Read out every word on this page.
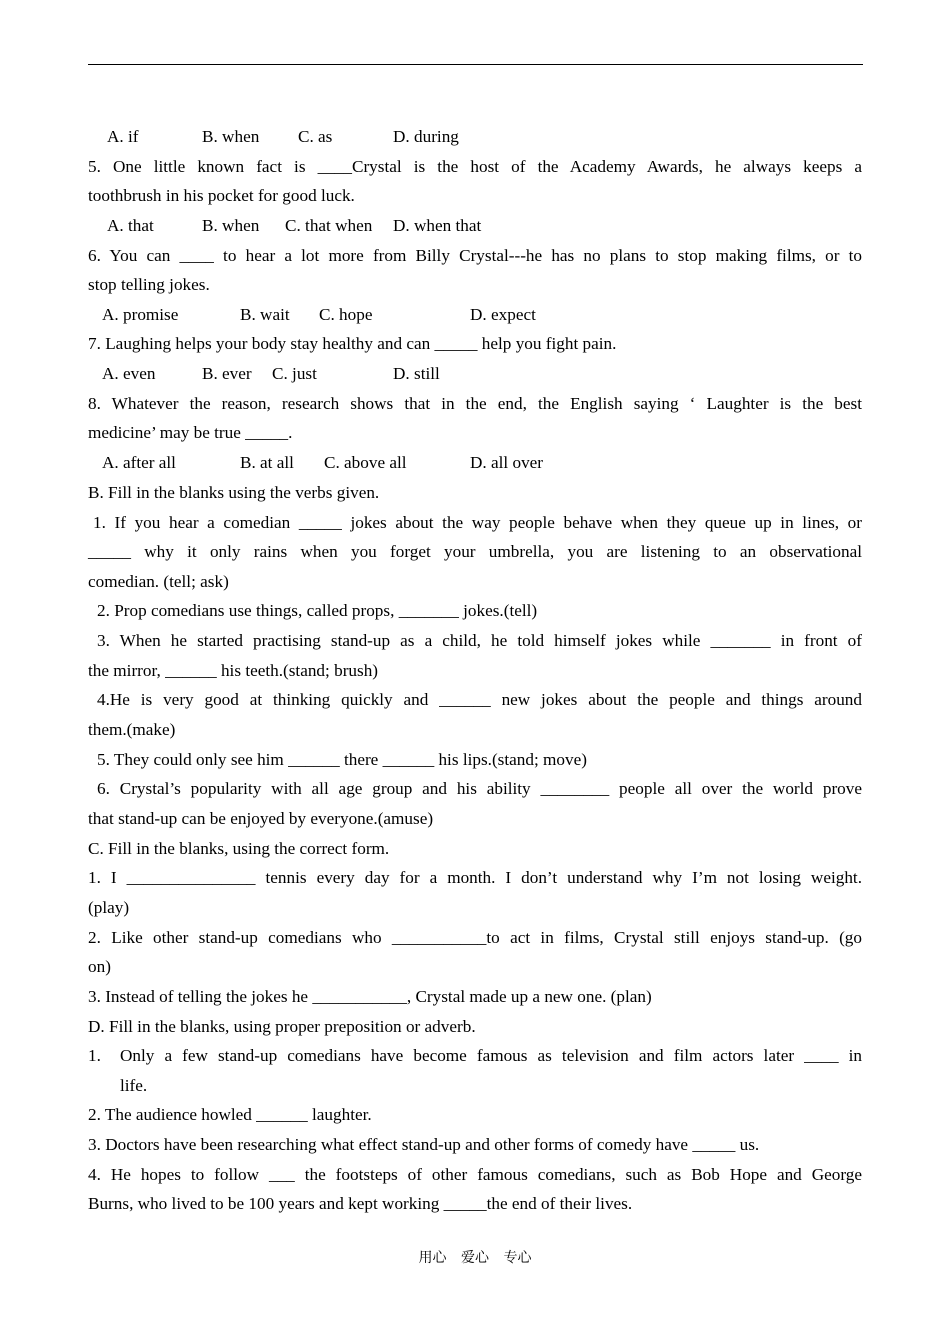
A. if	B. when C. as	D. during
5. One little known fact is ____Crystal is the host of the Academy Awards, he always keeps a
toothbrush in his pocket for good luck.
A. that	B. when C. that when D. when that
6. You can ____ to hear a lot more from Billy Crystal---he has no plans to stop making films, or to
stop telling jokes.
A. promise	B. wait C. hope	D. expect
7. Laughing helps your body stay healthy and can _____ help you fight pain.
A. even	B. ever C. just	D. still
8. Whatever the reason, research shows that in the end, the English saying ‘ Laughter is the best
medicine’ may be true _____.
A. after all	B. at all C. above all	D. all over
B. Fill in the blanks using the verbs given.
1. If you hear a comedian _____ jokes about the way people behave when they queue up in lines, or
_____ why it only rains when you forget your umbrella, you are listening to an observational
comedian. (tell; ask)
2. Prop comedians use things, called props, _______ jokes.(tell)
3. When he started practising stand-up as a child, he told himself jokes while _______ in front of
the mirror, ______ his teeth.(stand; brush)
4.He is very good at thinking quickly and ______ new jokes about the people and things around
them.(make)
5. They could only see him ______ there ______ his lips.(stand; move)
6. Crystal’s popularity with all age group and his ability ________ people all over the world prove
that stand-up can be enjoyed by everyone.(amuse)
C. Fill in the blanks, using the correct form.
1. I _______________ tennis every day for a month. I don’t understand why I’m not losing weight.
(play)
2. Like other stand-up comedians who ___________to act in films, Crystal still enjoys stand-up. (go
on)
3. Instead of telling the jokes he ___________, Crystal made up a new one. (plan)
D. Fill in the blanks, using proper preposition or adverb.
1. Only a few stand-up comedians have become famous as television and film actors later ____ in
life.
2. The audience howled ______ laughter.
3. Doctors have been researching what effect stand-up and other forms of comedy have _____ us.
4. He hopes to follow ___ the footsteps of other famous comedians, such as Bob Hope and George
Burns, who lived to be 100 years and kept working _____the end of their lives.
用心 爱心 专心
